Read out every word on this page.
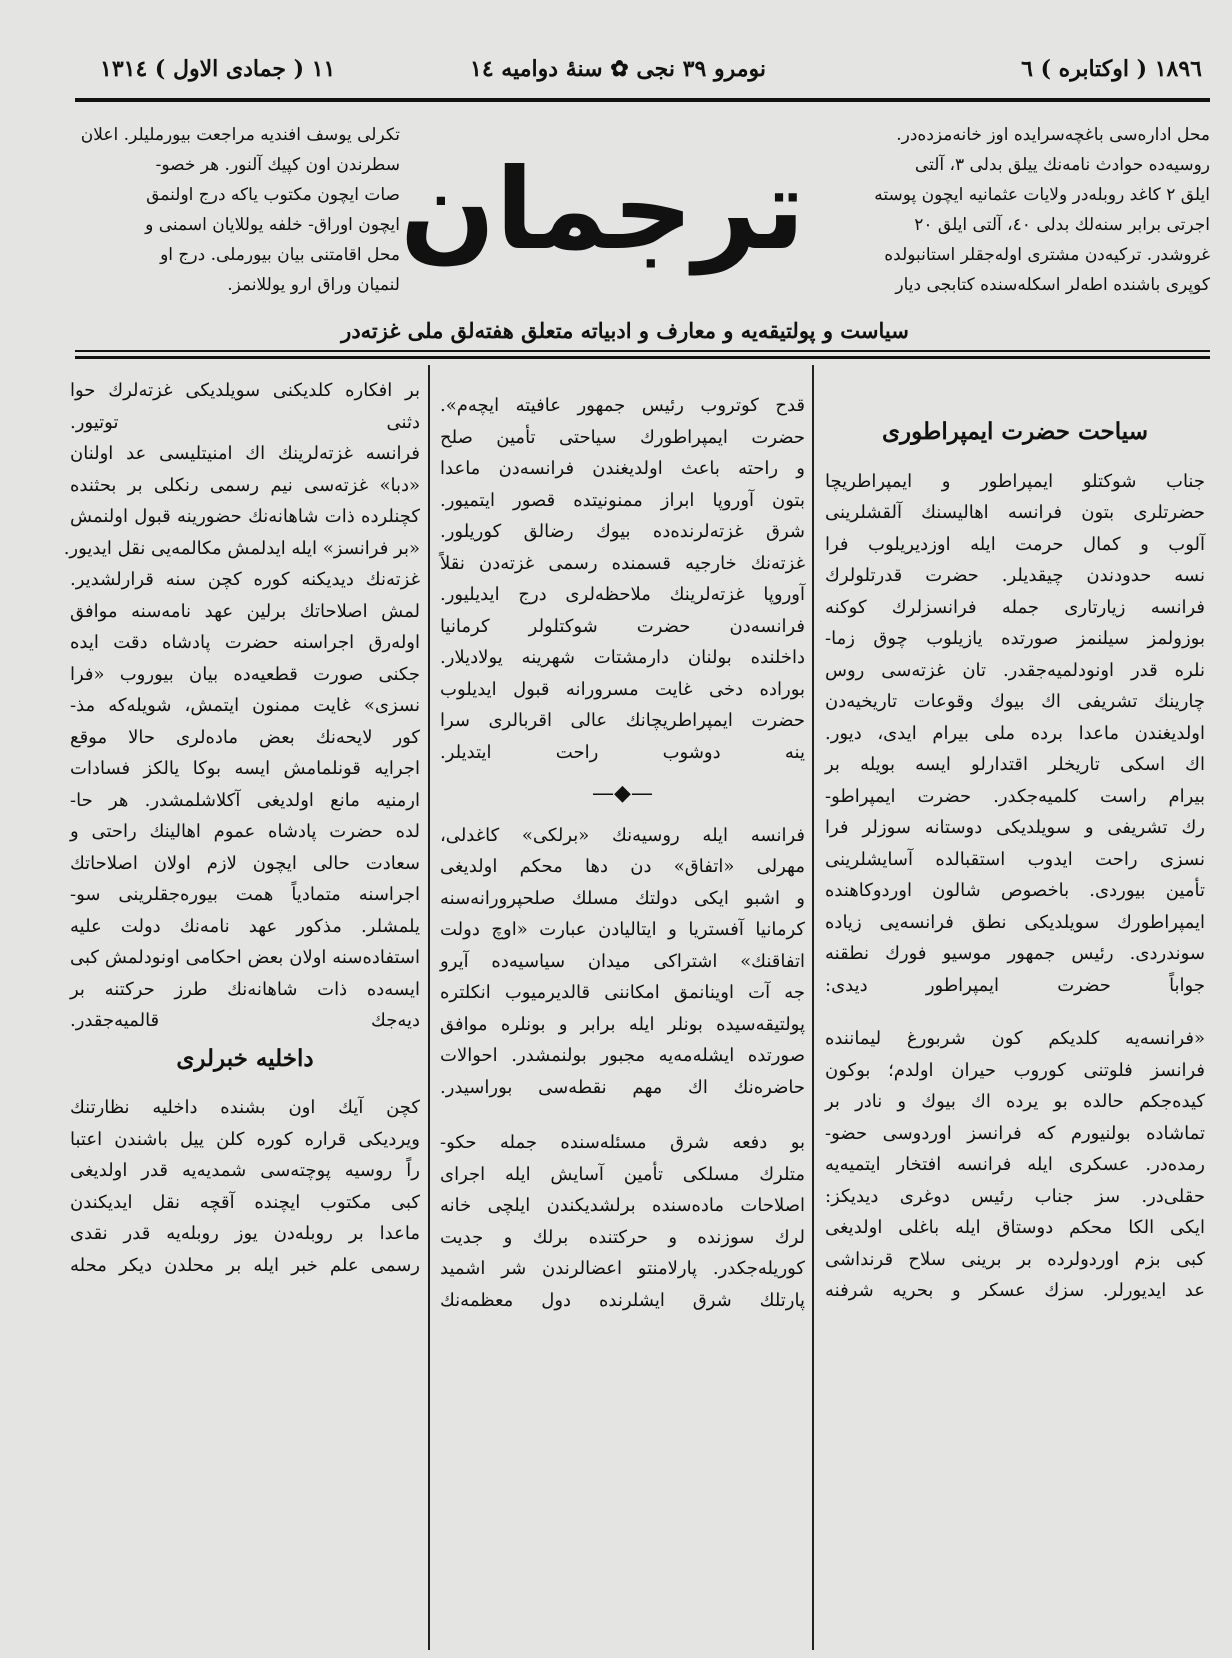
١٨٩٦ ( اوكتابره ) ٦
نومرو ٣٩ نجى ✿ سنهٔ دواميه ١٤
١١ ( جمادى الاول ) ١٣١٤
محل ادارەسى باغچه‌سرايده اوز خانه‌مزده‌در.
روسيه‌ده حوادث نامه‌نك ييلق بدلى ٣، آلتى
ايلق ٢ كاغد روبله‌در ولايات عثمانيه ايچون پوسته
اجرتى برابر سنه‌لك بدلى ٤٠، آلتى ايلق ٢٠
غروشدر. تركيه‌دن مشترى اوله‌جقلر استانبولده
كوپرى باشنده اطه‌لر اسكله‌سنده كتابجى ديار
ترجمان
تكرلى يوسف افنديه مراجعت بيورمليلر. اعلان
سطرندن اون كپيك آلنور. هر خصو-
صات ايچون مكتوب ياكه درج اولنمق
ايچون اوراق- خلفه يوللايان اسمنى و
محل اقامتنى بيان بيورملى. درج او
لنميان وراق ارو يوللانمز.
سياست و پولتيقه‌يه و معارف و ادبياته متعلق هفته‌لق ملى غزته‌در
سياحت حضرت ايمپراطورى
جناب شوكتلو ايمپراطور و ايمپراطريچا
حضرتلرى بتون فرانسه اهاليسنك آلقشلرينى
آلوب و كمال حرمت ايله اوزديريلوب فرا
نسه حدودندن چيقديلر. حضرت قدرتلولرك
فرانسه زيارتارى جمله فرانسزلرك كوكنه
بوزولمز سيلنمز صورتده يازيلوب چوق زما-
نلره قدر اونودلميه‌جقدر. تان غزته‌سى روس
چارينك تشريفى اك بيوك وقوعات تاريخيه‌دن
اولديغندن ماعدا برده ملى بيرام ايدى، ديور.
اك اسكى تاريخلر اقتدارلو ايسه بويله بر
بيرام راست كلميه‌جكدر. حضرت ايمپراطو-
رك تشريفى و سويلديكى دوستانه سوزلر فرا
نسزى راحت ايدوب استقبالده آسايشلرينى
تأمين بيوردى. باخصوص شالون اوردوكاهنده
ايمپراطورك سويلديكى نطق فرانسه‌يى زياده
سوندردى. رئيس جمهور موسيو فورك نطقنه
جواباً حضرت ايمپراطور ديدى:
«فرانسه‌يه كلديكم كون شربورغ ليماننده
فرانسز فلوتنى كوروب حيران اولدم؛ بوكون
كيده‌جكم حالده بو يرده اك بيوك و نادر بر
تماشاده بولنيورم كه فرانسز اوردوسى حضو-
رمده‌در. عسكرى ايله فرانسه افتخار ايتميه‌يه
حقلى‌در. سز جناب رئيس دوغرى ديديكز:
ايكى الكا محكم دوستاق ايله باغلى اولديغى
كبى بزم اوردولرده بر برينى سلاح قرنداشى
عد ايديورلر. سزك عسكر و بحريه شرفنه
قدح كوتروب رئيس جمهور عافيته ايچه‌م».
حضرت ايمپراطورك سياحتى تأمين صلح
و راحته باعث اولديغندن فرانسه‌دن ماعدا
بتون آوروپا ابراز ممنونيتده قصور ايتميور.
شرق غزته‌لرنده‌ده بيوك رضالق كوريلور.
غزته‌نك خارجيه قسمنده رسمى غزته‌دن نقلاً
آوروپا غزته‌لرينك ملاحظه‌لرى درج ايديليور.
فرانسه‌دن حضرت شوكتلولر كرمانيا
داخلنده بولنان دارمشتات شهرينه يولاديلار.
بوراده دخى غايت مسرورانه قبول ايديلوب
حضرت ايمپراطريچانك عالى اقربالرى سرا
ينه دوشوب راحت ايتديلر.
—◆—
فرانسه ايله روسيه‌نك «برلكى» كاغدلى،
مهرلى «اتفاق» دن دها محكم اولديغى
و اشبو ايكى دولتك مسلك صلحپرورانه‌سنه
كرمانيا آفستريا و ايتاليادن عبارت «اوچ دولت
اتفاقنك» اشتراكى ميدان سياسيه‌ده آيرو
جه آت اوينانمق امكاننى قالديرميوب انكلتره
پولتيقه‌سيده بونلر ايله برابر و بونلره موافق
صورتده ايشله‌مه‌يه مجبور بولنمشدر. احوالات
حاضره‌نك اك مهم نقطه‌سى بوراسيدر.
بو دفعه شرق مسئله‌سنده جمله حكو-
متلرك مسلكى تأمين آسايش ايله اجراى
اصلاحات ماده‌سنده برلشديكندن ايلچى خانه
لرك سوزنده و حركتنده برلك و جديت
كوريله‌جكدر. پارلامنتو اعضالرندن شر اشميد
پارتلك شرق ايشلرنده دول معظمه‌نك
بر افكاره كلديكنى سويلديكى غزته‌لرك حوا
دثنى توتيور.
فرانسه غزته‌لرينك اك امنيتليسى عد اولنان
«دبا» غزته‌سى نيم رسمى رنكلى بر بحثنده
كچنلرده ذات شاهانه‌نك حضورينه قبول اولنمش
«بر فرانسز» ايله ايدلمش مكالمه‌يى نقل ايديور.
غزته‌نك ديديكنه كوره كچن سنه قرارلشدير.
لمش اصلاحاتك برلين عهد نامه‌سنه موافق
اوله‌رق اجراسنه حضرت پادشاه دقت ايده‌
جكنى صورت قطعيه‌ده بيان بيوروب «فرا
نسزى» غايت ممنون ايتمش، شويله‌كه مذ-
كور لايحه‌نك بعض ماده‌لرى حالا موقع
اجرايه قونلمامش ايسه بوكا يالكز فسادات
ارمنيه مانع اولديغى آكلاشلمشدر. هر حا-
لده حضرت پادشاه عموم اهالينك راحتى و
سعادت حالى ايچون لازم اولان اصلاحاتك
اجراسنه متمادياً همت بيوره‌جقلرينى سو-
يلمشلر. مذكور عهد نامه‌نك دولت عليه
استفاده‌سنه اولان بعض احكامى اونودلمش كبى
ايسه‌ده ذات شاهانه‌نك طرز حركتنه بر
ديه‌جك قالميه‌جقدر.
داخليه خبرلرى
كچن آيك اون بشنده داخليه نظارتنك
ويرديكى قراره كوره كلن ييل باشندن اعتبا
راً روسيه پوچته‌سى شمديه‌يه قدر اولديغى
كبى مكتوب ايچنده آقچه نقل ايديكندن
ماعدا بر روبله‌دن يوز روبله‌يه قدر نقدى
رسمى علم خبر ايله بر محلدن ديكر محله
